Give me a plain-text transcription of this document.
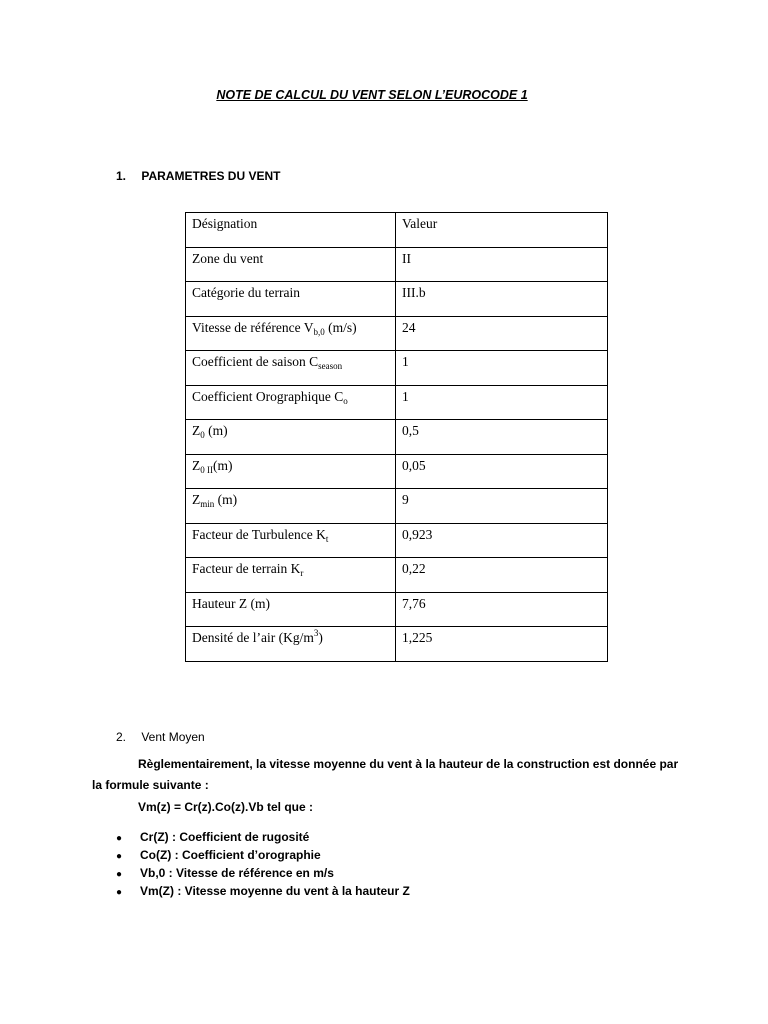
NOTE DE CALCUL DU VENT SELON L’EUROCODE 1
1. PARAMETRES DU VENT
Désignation	Valeur
Zone du vent	II
Catégorie du terrain	III.b
Vitesse de référence $V_{b,0}$ (m/s)	24
Coefficient de saison $C_{season}$	1
Coefficient Orographique $C_o$	1
$Z_0$ (m)	0,5
$Z_{0 II}(m)$	0,05
$Z_{min}$ (m)	9
Facteur de Turbulence $K_t$	0,923
Facteur de terrain $K_r$	0,22
Hauteur Z (m)	7,76
Densité de l’air $(Kg/m^3)$	1,225
2. Vent Moyen
Règlementairement, la vitesse moyenne du vent à la hauteur de la construction est donnée par la formule suivante :
Vm(z) = Cr(z).Co(z).Vb tel que :
● Cr(Z) : Coefficient de rugosité
● Co(Z) : Coefficient d’orographie
● Vb,0 : Vitesse de référence en m/s
● Vm(Z) : Vitesse moyenne du vent à la hauteur Z
